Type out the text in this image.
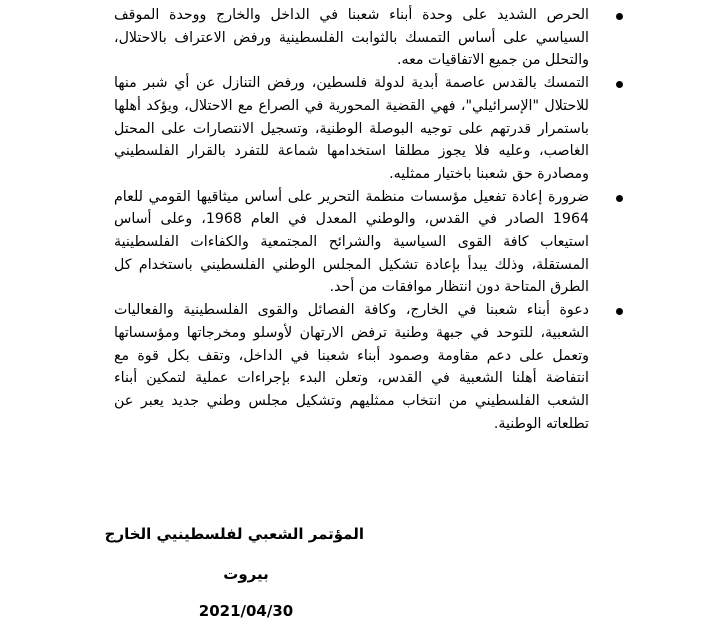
الحرص الشديد على وحدة أبناء شعبنا في الداخل والخارج ووحدة الموقف السياسي على أساس التمسك بالثوابت الفلسطينية ورفض الاعتراف بالاحتلال، والتحلل من جميع الاتفاقيات معه.
التمسك بالقدس عاصمة أبدية لدولة فلسطين، ورفض التنازل عن أي شبر منها للاحتلال "الإسرائيلي"، فهي القضية المحورية في الصراع مع الاحتلال، ويؤكد أهلها باستمرار قدرتهم على توجيه البوصلة الوطنية، وتسجيل الانتصارات على المحتل الغاصب، وعليه فلا يجوز مطلقا استخدامها شماعة للتفرد بالقرار الفلسطيني ومصادرة حق شعبنا باختيار ممثليه.
ضرورة إعادة تفعيل مؤسسات منظمة التحرير على أساس ميثاقيها القومي للعام 1964 الصادر في القدس، والوطني المعدل في العام 1968، وعلى أساس استيعاب كافة القوى السياسية والشرائح المجتمعية والكفاءات الفلسطينية المستقلة، وذلك يبدأ بإعادة تشكيل المجلس الوطني الفلسطيني باستخدام كل الطرق المتاحة دون انتظار موافقات من أحد.
دعوة أبناء شعبنا في الخارج، وكافة الفصائل والقوى الفلسطينية والفعاليات الشعبية، للتوحد في جبهة وطنية ترفض الارتهان لأوسلو ومخرجاتها ومؤسساتها وتعمل على دعم مقاومة وصمود أبناء شعبنا في الداخل، وتقف بكل قوة مع انتفاضة أهلنا الشعبية في القدس، وتعلن البدء بإجراءات عملية لتمكين أبناء الشعب الفلسطيني من انتخاب ممثليهم وتشكيل مجلس وطني جديد يعبر عن تطلعاته الوطنية.
المؤتمر الشعبي لفلسطينيي الخارج
بيروت
2021/04/30
